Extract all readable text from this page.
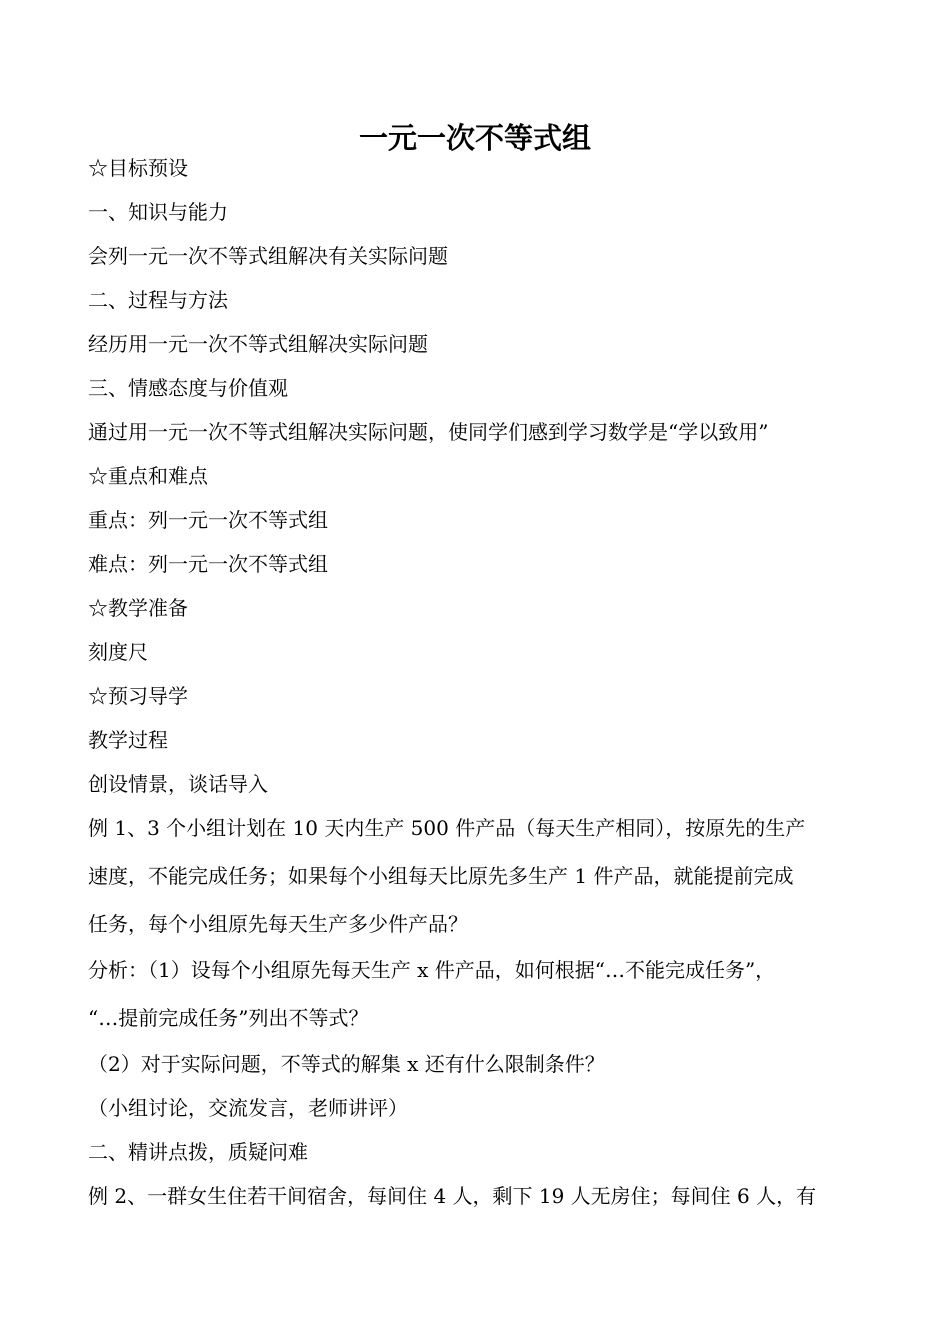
一元一次不等式组
☆目标预设
一、知识与能力
会列一元一次不等式组解决有关实际问题
二、过程与方法
经历用一元一次不等式组解决实际问题
三、情感态度与价值观
通过用一元一次不等式组解决实际问题，使同学们感到学习数学是“学以致用”
☆重点和难点
重点：列一元一次不等式组
难点：列一元一次不等式组
☆教学准备
刻度尺
☆预习导学
教学过程
创设情景，谈话导入
例 1、3 个小组计划在 10 天内生产 500 件产品（每天生产相同），按原先的生产
速度，不能完成任务；如果每个小组每天比原先多生产 1 件产品，就能提前完成
任务，每个小组原先每天生产多少件产品？
分析：（1）设每个小组原先每天生产 x 件产品，如何根据“…不能完成任务”，
“…提前完成任务”列出不等式？
（2）对于实际问题，不等式的解集 x 还有什么限制条件？
（小组讨论，交流发言，老师讲评）
二、精讲点拨，质疑问难
例 2、一群女生住若干间宿舍，每间住 4 人，剩下 19 人无房住；每间住 6 人，有
